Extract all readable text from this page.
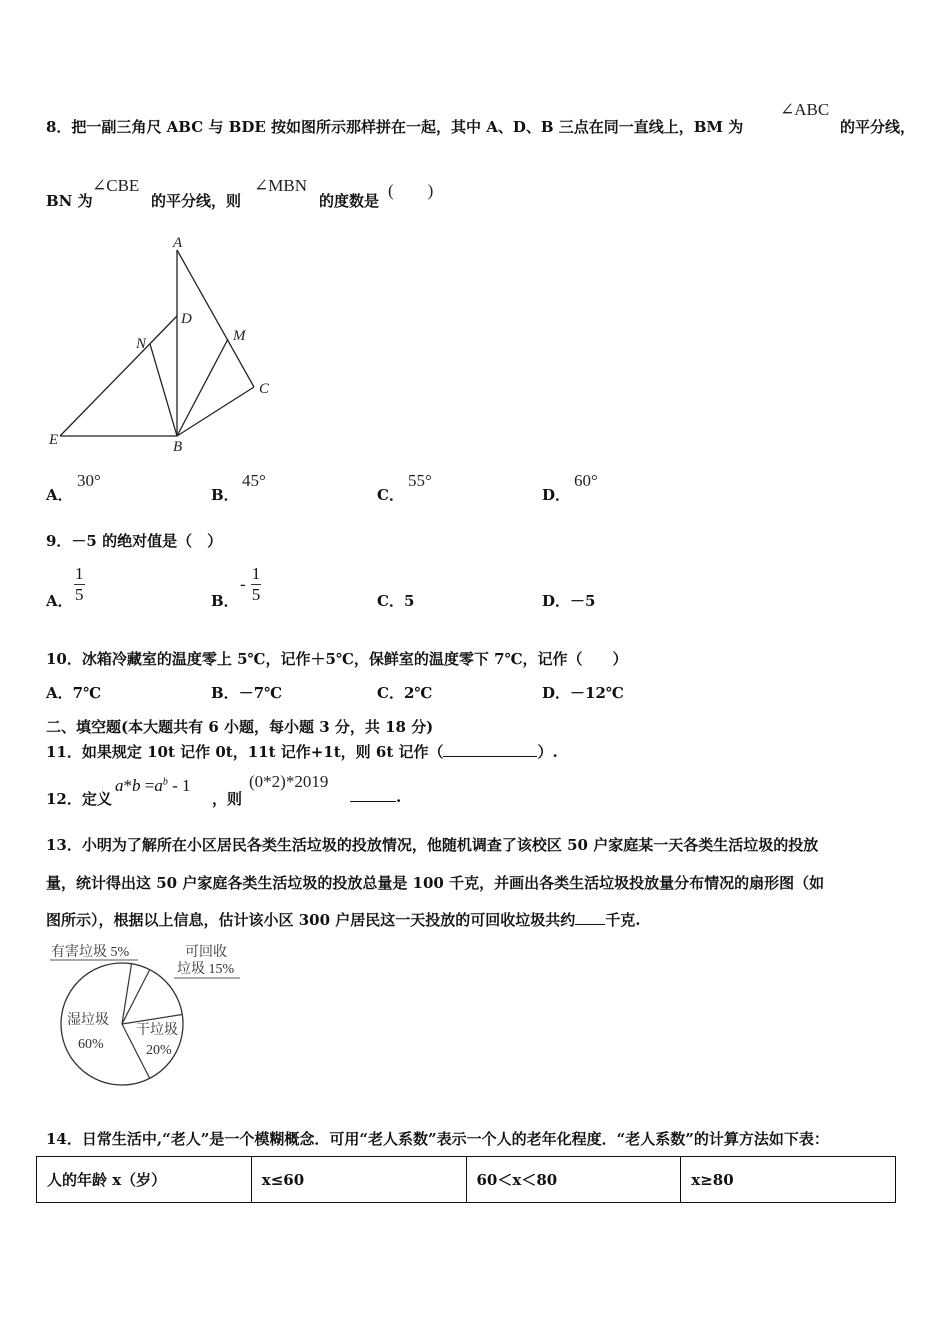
8．把一副三角尺 ABC 与 BDE 按如图所示那样拼在一起，其中 A、D、B 三点在同一直线上，BM 为
∠ABC
的平分线，
BN 为
∠CBE
的平分线，则
∠MBN
的度数是
(　　)
A
D
N	M
C
E	B
A．
30°
B．
45°
C．
55°
D．
60°
9．－5 的绝对值是（　）
A． $\frac{1}{5}$	B．
- $\frac{1}{5}$	C．5	D．－5
10．冰箱冷藏室的温度零上 5℃，记作＋5℃，保鲜室的温度零下 7℃，记作（　　）
A．7℃	B．－7℃	C．2℃	D．－12℃
二、填空题(本大题共有 6 小题，每小题 3 分，共 18 分)
11．如果规定 10t 记作 0t，11t 记作+1t，则 6t 记作（	）.
12．定义
$a*b =a^b - 1$
，则
(0*2)*2019
.
13．小明为了解所在小区居民各类生活垃圾的投放情况，他随机调查了该校区 50 户家庭某一天各类生活垃圾的投放
量，统计得出这 50 户家庭各类生活垃圾的投放总量是 100 千克，并画出各类生活垃圾投放量分布情况的扇形图（如
图所示），根据以上信息，估计该小区 300 户居民这一天投放的可回收垃圾共约 千克.
有害垃圾 5%	可回收
垃圾 15%
干垃圾
20%
湿垃圾
60%
14．日常生活中,“老人”是一个模糊概念．可用“老人系数”表示一个人的老年化程度．“老人系数”的计算方法如下表：
人的年龄 x（岁）	x≤60	60＜x＜80	x≥80
